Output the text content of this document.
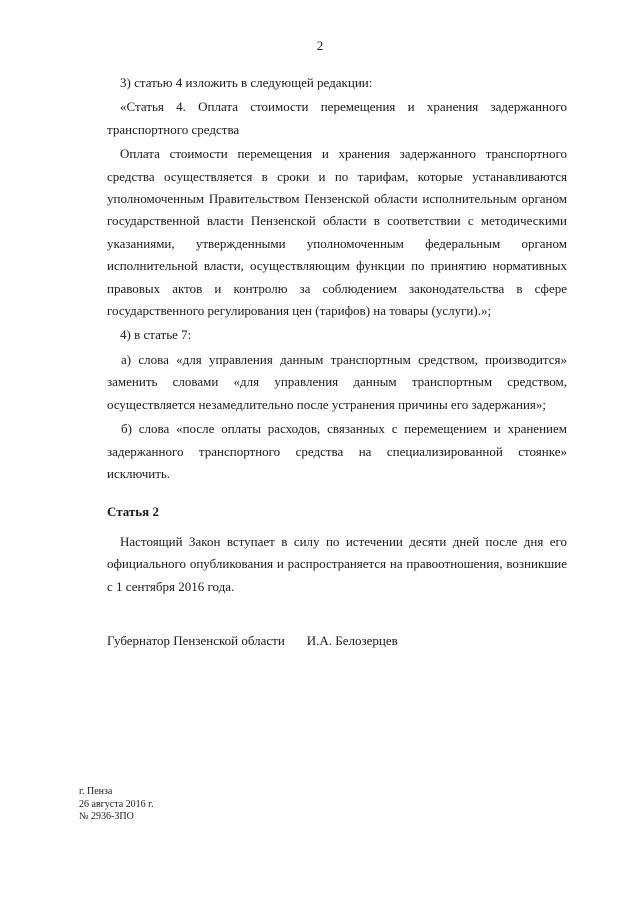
2

3) статью 4 изложить в следующей редакции:

«Статья 4. Оплата стоимости перемещения и хранения задержанного транспортного средства

Оплата стоимости перемещения и хранения задержанного транспортного средства осуществляется в сроки и по тарифам, которые устанавливаются уполномоченным Правительством Пензенской области исполнительным органом государственной власти Пензенской области в соответствии с методическими указаниями, утвержденными уполномоченным федеральным органом исполнительной власти, осуществляющим функции по принятию нормативных правовых актов и контролю за соблюдением законодательства в сфере государственного регулирования цен (тарифов) на товары (услуги).»;

4) в статье 7:

а) слова «для управления данным транспортным средством, производится» заменить словами «для управления данным транспортным средством, осуществляется незамедлительно после устранения причины его задержания»;

б) слова «после оплаты расходов, связанных с перемещением и хранением задержанного транспортного средства на специализированной стоянке» исключить.

Статья 2

Настоящий Закон вступает в силу по истечении десяти дней после дня его официального опубликования и распространяется на правоотношения, возникшие с 1 сентября 2016 года.

Губернатор Пензенской области И.А. Белозерцев
г. Пенза
26 августа 2016 г.
№ 2936-ЗПО
